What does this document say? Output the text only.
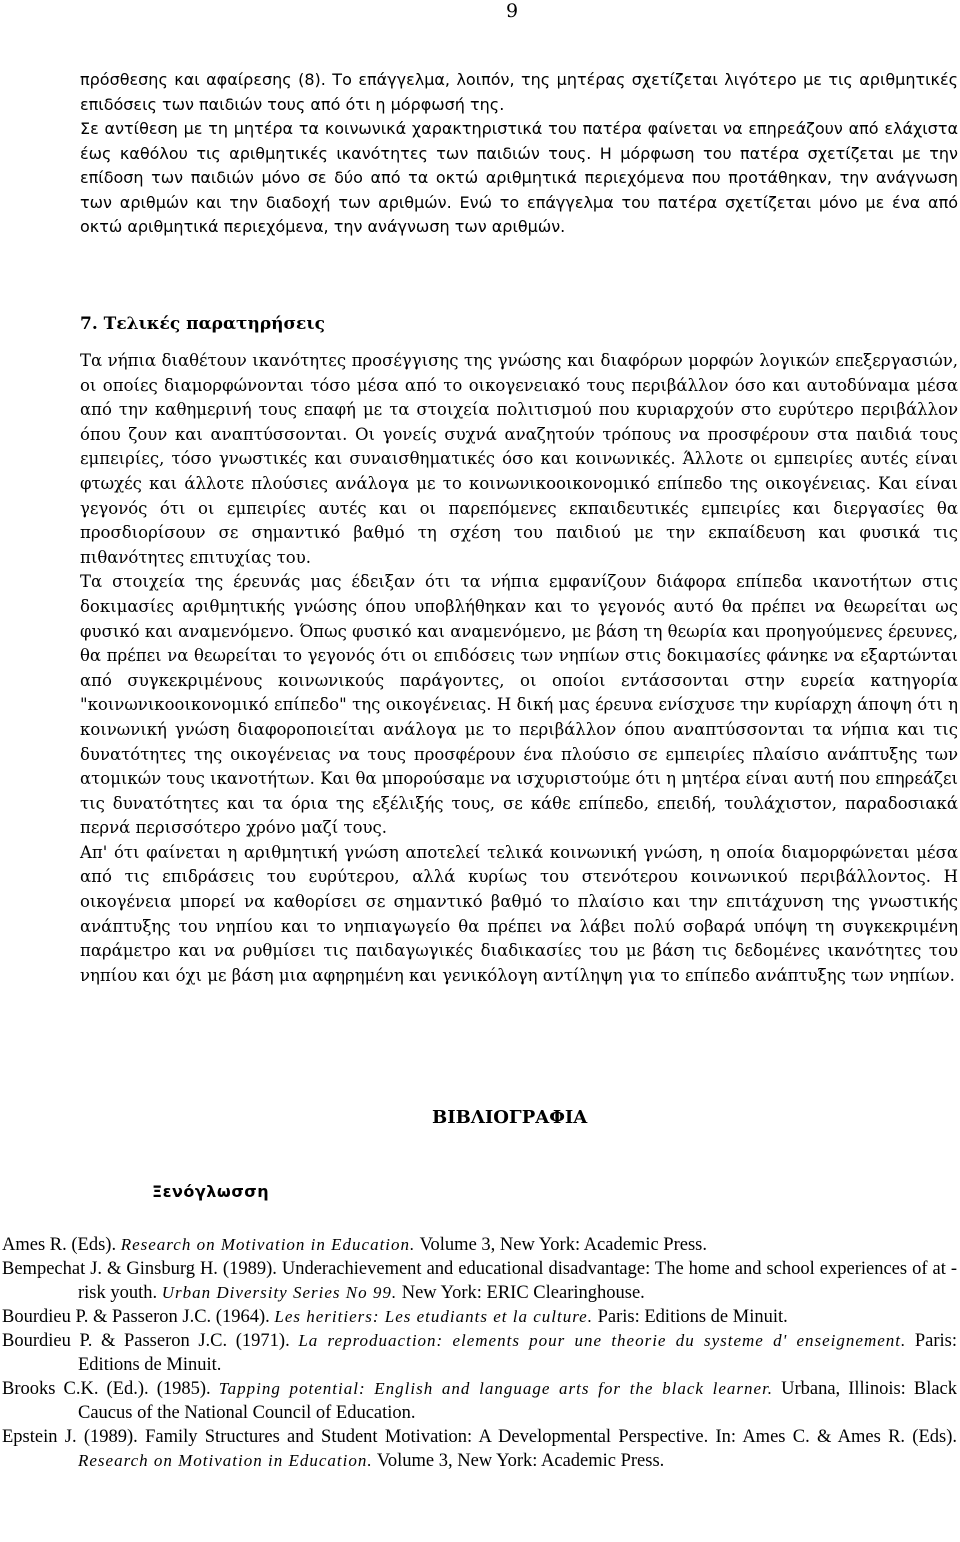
9

πρόσθεσης και αφαίρεσης (8). Το επάγγελμα, λοιπόν, της μητέρας σχετίζεται λιγότερο με τις αριθμητικές επιδόσεις των παιδιών τους από ότι η μόρφωσή της.

Σε αντίθεση με τη μητέρα τα κοινωνικά χαρακτηριστικά του πατέρα φαίνεται να επηρεάζουν από ελάχιστα έως καθόλου τις αριθμητικές ικανότητες των παιδιών τους. Η μόρφωση του πατέρα σχετίζεται με την επίδοση των παιδιών μόνο σε δύο από τα οκτώ αριθμητικά περιεχόμενα που προτάθηκαν, την ανάγνωση των αριθμών και την διαδοχή των αριθμών. Ενώ το επάγγελμα του πατέρα σχετίζεται μόνο με ένα από οκτώ αριθμητικά περιεχόμενα, την ανάγνωση των αριθμών.

7. Τελικές παρατηρήσεις

Τα νήπια διαθέτουν ικανότητες προσέγγισης της γνώσης και διαφόρων μορφών λογικών επεξεργασιών, οι οποίες διαμορφώνονται τόσο μέσα από το οικογενειακό τους περιβάλλον όσο και αυτοδύναμα μέσα από την καθημερινή τους επαφή με τα στοιχεία πολιτισμού που κυριαρχούν στο ευρύτερο περιβάλλον όπου ζουν και αναπτύσσονται. Οι γονείς συχνά αναζητούν τρόπους να προσφέρουν στα παιδιά τους εμπειρίες, τόσο γνωστικές και συναισθηματικές όσο και κοινωνικές. Άλλοτε οι εμπειρίες αυτές είναι φτωχές και άλλοτε πλούσιες ανάλογα με το κοινωνικοοικονομικό επίπεδο της οικογένειας. Και είναι γεγονός ότι οι εμπειρίες αυτές και οι παρεπόμενες εκπαιδευτικές εμπειρίες και διεργασίες θα προσδιορίσουν σε σημαντικό βαθμό τη σχέση του παιδιού με την εκπαίδευση και φυσικά τις πιθανότητες επιτυχίας του.

Τα στοιχεία της έρευνάς μας έδειξαν ότι τα νήπια εμφανίζουν διάφορα επίπεδα ικανοτήτων στις δοκιμασίες αριθμητικής γνώσης όπου υποβλήθηκαν και το γεγονός αυτό θα πρέπει να θεωρείται ως φυσικό και αναμενόμενο. Όπως φυσικό και αναμενόμενο, με βάση τη θεωρία και προηγούμενες έρευνες, θα πρέπει να θεωρείται το γεγονός ότι οι επιδόσεις των νηπίων στις δοκιμασίες φάνηκε να εξαρτώνται από συγκεκριμένους κοινωνικούς παράγοντες, οι οποίοι εντάσσονται στην ευρεία κατηγορία "κοινωνικοοικονομικό επίπεδο" της οικογένειας. Η δική μας έρευνα ενίσχυσε την κυρίαρχη άποψη ότι η κοινωνική γνώση διαφοροποιείται ανάλογα με το περιβάλλον όπου αναπτύσσονται τα νήπια και τις δυνατότητες της οικογένειας να τους προσφέρουν ένα πλούσιο σε εμπειρίες πλαίσιο ανάπτυξης των ατομικών τους ικανοτήτων. Και θα μπορούσαμε να ισχυριστούμε ότι η μητέρα είναι αυτή που επηρεάζει τις δυνατότητες και τα όρια της εξέλιξής τους, σε κάθε επίπεδο, επειδή, τουλάχιστον, παραδοσιακά περνά περισσότερο χρόνο μαζί τους.

Απ' ότι φαίνεται η αριθμητική γνώση αποτελεί τελικά κοινωνική γνώση, η οποία διαμορφώνεται μέσα από τις επιδράσεις του ευρύτερου, αλλά κυρίως του στενότερου κοινωνικού περιβάλλοντος. Η οικογένεια μπορεί να καθορίσει σε σημαντικό βαθμό το πλαίσιο και την επιτάχυνση της γνωστικής ανάπτυξης του νηπίου και το νηπιαγωγείο θα πρέπει να λάβει πολύ σοβαρά υπόψη τη συγκεκριμένη παράμετρο και να ρυθμίσει τις παιδαγωγικές διαδικασίες του με βάση τις δεδομένες ικανότητες του νηπίου και όχι με βάση μια αφηρημένη και γενικόλογη αντίληψη για το επίπεδο ανάπτυξης των νηπίων.

ΒΙΒΛΙΟΓΡΑΦΙΑ
Ξενόγλωσση
Ames R. (Eds). Research on Motivation in Education. Volume 3, New York: Academic Press.
Bempechat J. & Ginsburg H. (1989). Underachievement and educational disadvantage: The home and school experiences of at - risk youth. Urban Diversity Series No 99. New York: ERIC Clearinghouse.
Bourdieu P. & Passeron J.C. (1964). Les heritiers: Les etudiants et la culture. Paris: Editions de Minuit.
Bourdieu P. & Passeron J.C. (1971). La reproduaction: elements pour une theorie du systeme d' enseignement. Paris: Editions de Minuit.
Brooks C.K. (Ed.). (1985). Tapping potential: English and language arts for the black learner. Urbana, Illinois: Black Caucus of the National Council of Education.
Epstein J. (1989). Family Structures and Student Motivation: A Developmental Perspective. In: Ames C. & Ames R. (Eds). Research on Motivation in Education. Volume 3, New York: Academic Press.
